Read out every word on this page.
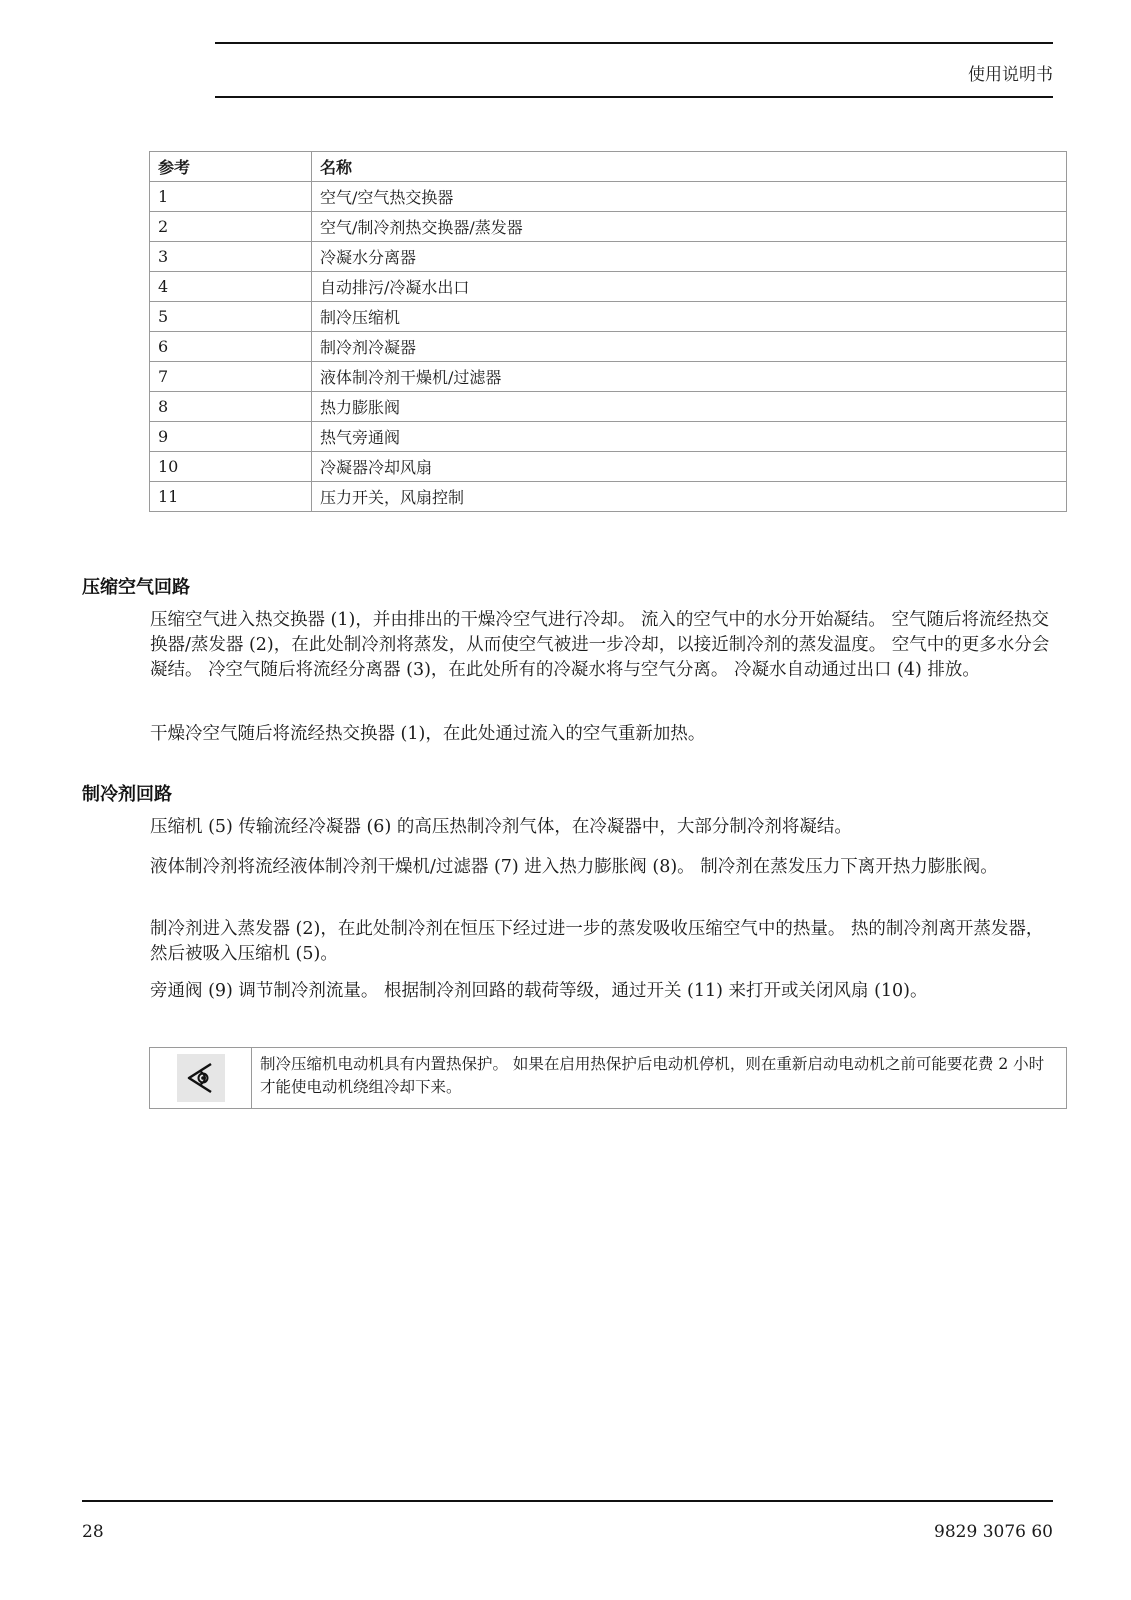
使用说明书
参考	名称
1	空气/空气热交换器
2	空气/制冷剂热交换器/蒸发器
3	冷凝水分离器
4	自动排污/冷凝水出口
5	制冷压缩机
6	制冷剂冷凝器
7	液体制冷剂干燥机/过滤器
8	热力膨胀阀
9	热气旁通阀
10	冷凝器冷却风扇
11	压力开关，风扇控制
压缩空气回路

压缩空气进入热交换器 (1)，并由排出的干燥冷空气进行冷却。 流入的空气中的水分开始凝结。 空气随后将流经热交换器/蒸发器 (2)，在此处制冷剂将蒸发，从而使空气被进一步冷却，以接近制冷剂的蒸发温度。 空气中的更多水分会凝结。 冷空气随后将流经分离器 (3)，在此处所有的冷凝水将与空气分离。 冷凝水自动通过出口 (4) 排放。

干燥冷空气随后将流经热交换器 (1)，在此处通过流入的空气重新加热。

制冷剂回路

压缩机 (5) 传输流经冷凝器 (6) 的高压热制冷剂气体，在冷凝器中，大部分制冷剂将凝结。

液体制冷剂将流经液体制冷剂干燥机/过滤器 (7) 进入热力膨胀阀 (8)。 制冷剂在蒸发压力下离开热力膨胀阀。

制冷剂进入蒸发器 (2)，在此处制冷剂在恒压下经过进一步的蒸发吸收压缩空气中的热量。 热的制冷剂离开蒸发器，然后被吸入压缩机 (5)。

旁通阀 (9) 调节制冷剂流量。 根据制冷剂回路的载荷等级，通过开关 (11) 来打开或关闭风扇 (10)。

制冷压缩机电动机具有内置热保护。 如果在启用热保护后电动机停机，则在重新启动电动机之前可能要花费 2 小时才能使电动机绕组冷却下来。
28	9829 3076 60
